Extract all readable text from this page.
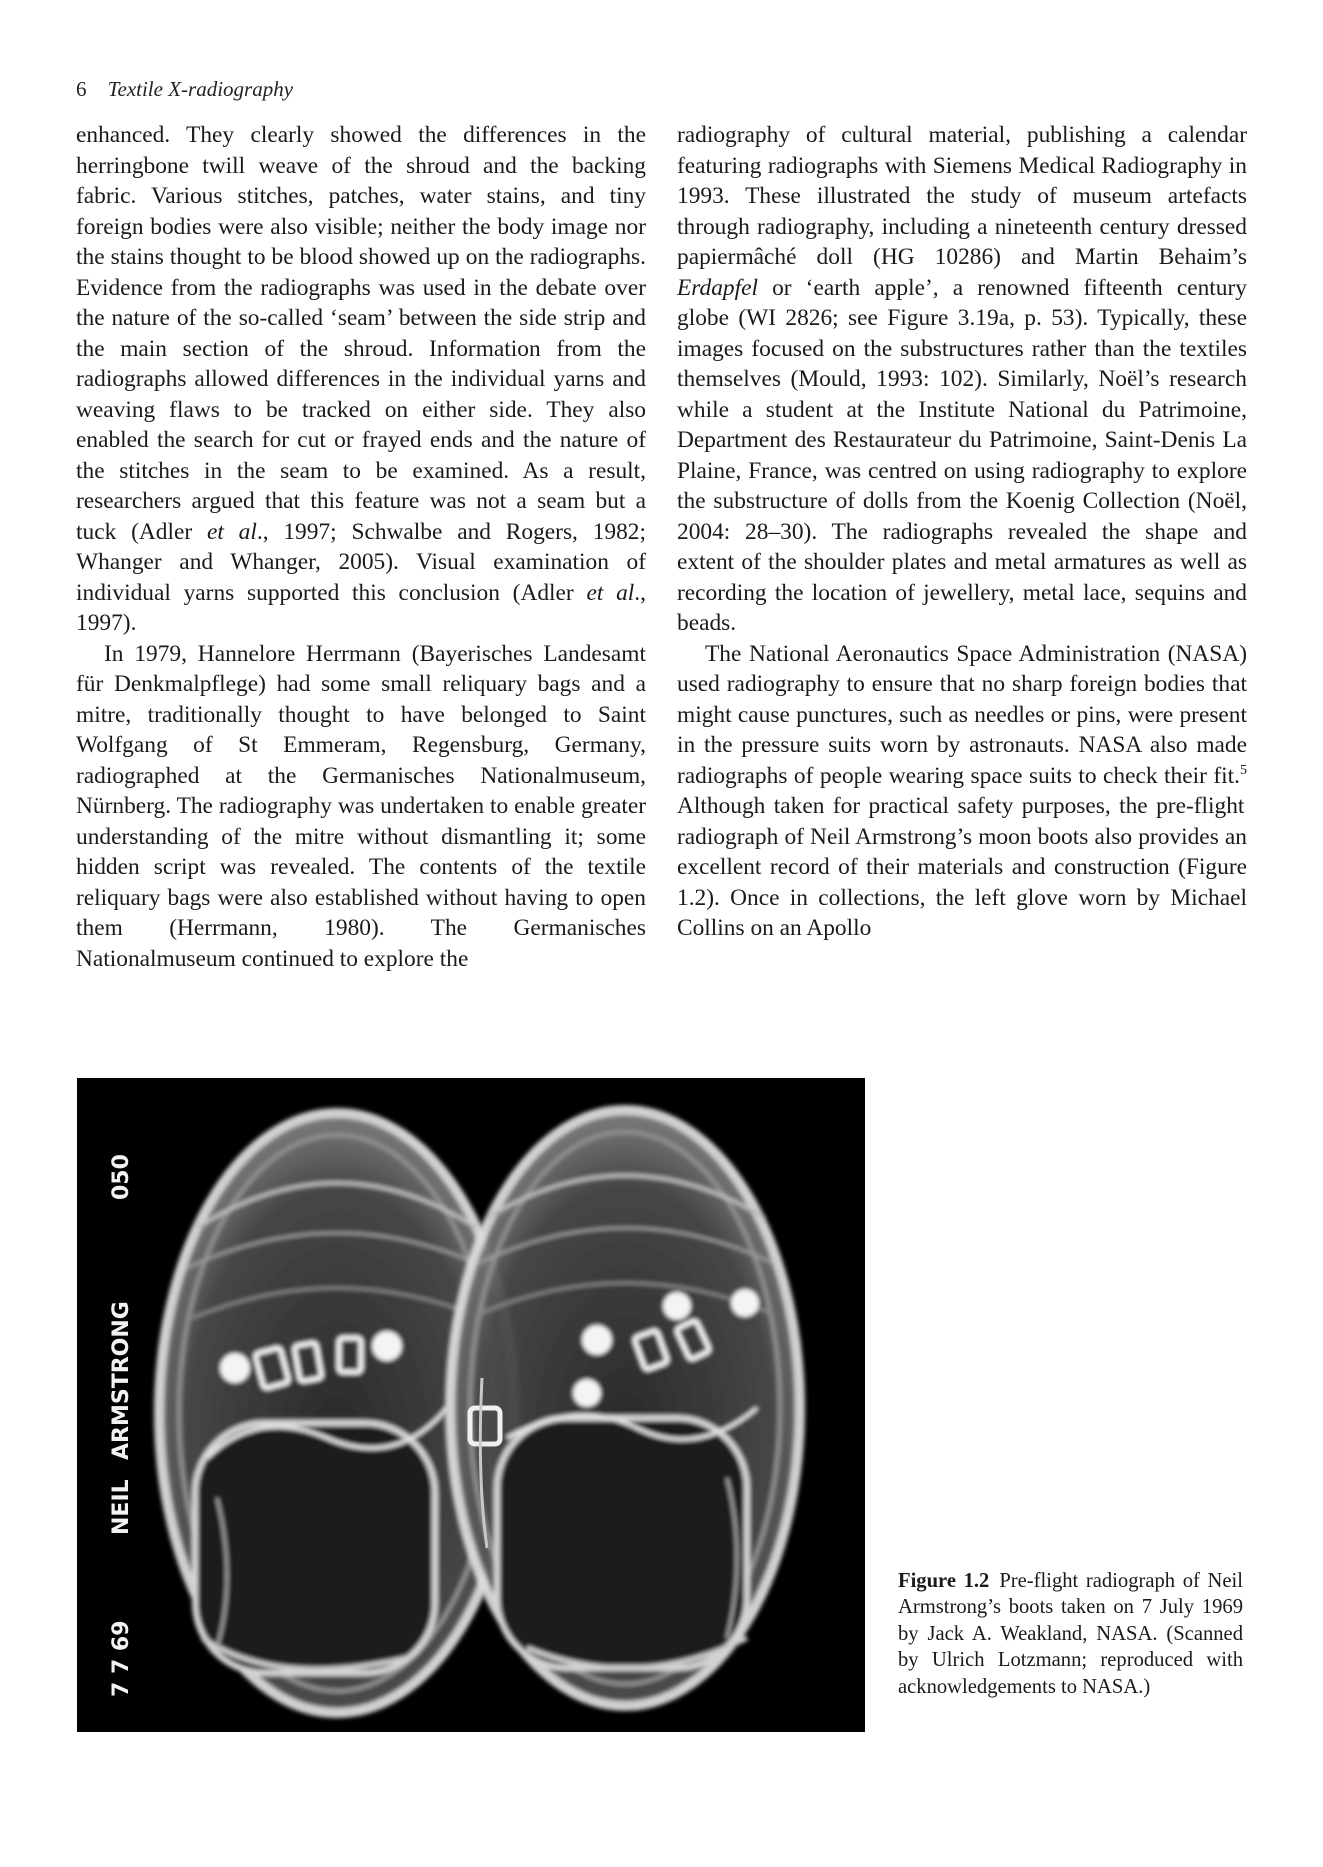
6 Textile X-radiography

enhanced. They clearly showed the differences in the herringbone twill weave of the shroud and the backing fabric. Various stitches, patches, water stains, and tiny foreign bodies were also visible; neither the body image nor the stains thought to be blood showed up on the radiographs. Evidence from the radiographs was used in the debate over the nature of the so-called ‘seam’ between the side strip and the main section of the shroud. Information from the radiographs allowed differences in the individual yarns and weaving flaws to be tracked on either side. They also enabled the search for cut or frayed ends and the nature of the stitches in the seam to be examined. As a result, researchers argued that this feature was not a seam but a tuck (Adler et al., 1997; Schwalbe and Rogers, 1982; Whanger and Whanger, 2005). Visual examination of individual yarns supported this conclusion (Adler et al., 1997).

In 1979, Hannelore Herrmann (Bayerisches Landesamt für Denkmalpflege) had some small reliquary bags and a mitre, traditionally thought to have belonged to Saint Wolfgang of St Emmeram, Regensburg, Germany, radiographed at the Germanisches Nationalmuseum, Nürnberg. The radiography was undertaken to enable greater understanding of the mitre without dismantling it; some hidden script was revealed. The contents of the textile reliquary bags were also established without having to open them (Herrmann, 1980). The Germanisches Nationalmuseum continued to explore the

radiography of cultural material, publishing a calendar featuring radiographs with Siemens Medical Radiography in 1993. These illustrated the study of museum artefacts through radiography, including a nineteenth century dressed papiermâché doll (HG 10286) and Martin Behaim’s Erdapfel or ‘earth apple’, a renowned fifteenth century globe (WI 2826; see Figure 3.19a, p. 53). Typically, these images focused on the substructures rather than the textiles themselves (Mould, 1993: 102). Similarly, Noël’s research while a student at the Institute National du Patrimoine, Department des Restaurateur du Patrimoine, Saint-Denis La Plaine, France, was centred on using radiography to explore the substructure of dolls from the Koenig Collection (Noël, 2004: 28–30). The radiographs revealed the shape and extent of the shoulder plates and metal armatures as well as recording the location of jewellery, metal lace, sequins and beads.

The National Aeronautics Space Administration (NASA) used radiography to ensure that no sharp foreign bodies that might cause punctures, such as needles or pins, were present in the pressure suits worn by astronauts. NASA also made radiographs of people wearing space suits to check their fit.$^5$ Although taken for practical safety purposes, the pre-flight radiograph of Neil Armstrong’s moon boots also provides an excellent record of their materials and construction (Figure 1.2). Once in collections, the left glove worn by Michael Collins on an Apollo

7 7 69
NEIL
ARMSTRONG
050
Figure 1.2 Pre-flight radiograph of Neil Armstrong’s boots taken on 7 July 1969 by Jack A. Weakland, NASA. (Scanned by Ulrich Lotzmann; reproduced with acknowledgements to NASA.)
